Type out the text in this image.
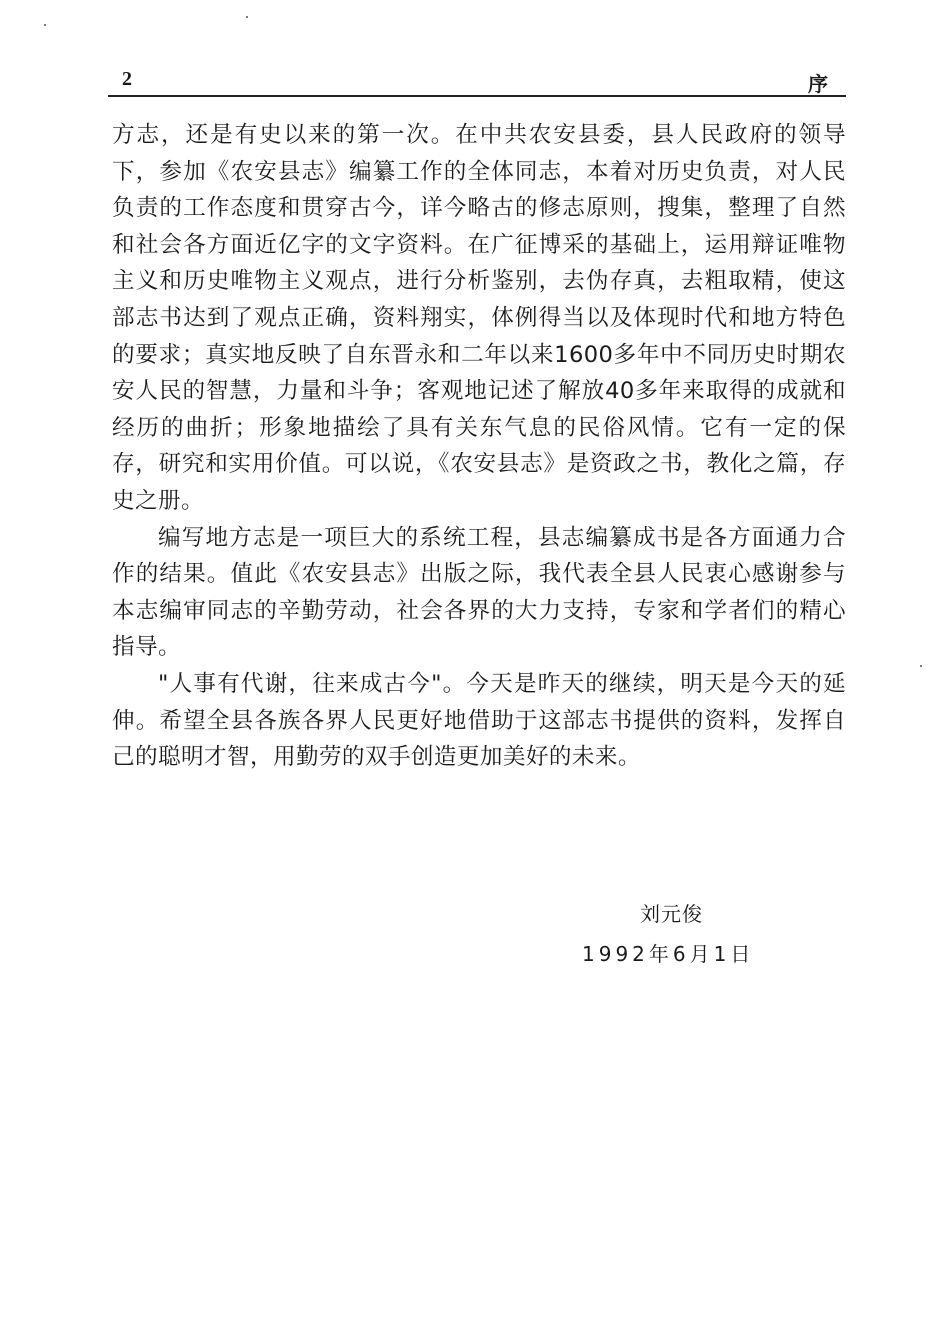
2	序

方志，还是有史以来的第一次。在中共农安县委，县人民政府的领导下，参加《农安县志》编纂工作的全体同志，本着对历史负责，对人民负责的工作态度和贯穿古今，详今略古的修志原则，搜集，整理了自然和社会各方面近亿字的文字资料。在广征博采的基础上，运用辩证唯物主义和历史唯物主义观点，进行分析鉴别，去伪存真，去粗取精，使这部志书达到了观点正确，资料翔实，体例得当以及体现时代和地方特色的要求；真实地反映了自东晋永和二年以来1600多年中不同历史时期农安人民的智慧，力量和斗争；客观地记述了解放40多年来取得的成就和经历的曲折；形象地描绘了具有关东气息的民俗风情。它有一定的保存，研究和实用价值。可以说，《农安县志》是资政之书，教化之篇，存史之册。

编写地方志是一项巨大的系统工程，县志编纂成书是各方面通力合作的结果。值此《农安县志》出版之际，我代表全县人民衷心感谢参与本志编审同志的辛勤劳动，社会各界的大力支持，专家和学者们的精心指导。

"人事有代谢，往来成古今"。今天是昨天的继续，明天是今天的延伸。希望全县各族各界人民更好地借助于这部志书提供的资料，发挥自己的聪明才智，用勤劳的双手创造更加美好的未来。

刘元俊
1992年6月1日
